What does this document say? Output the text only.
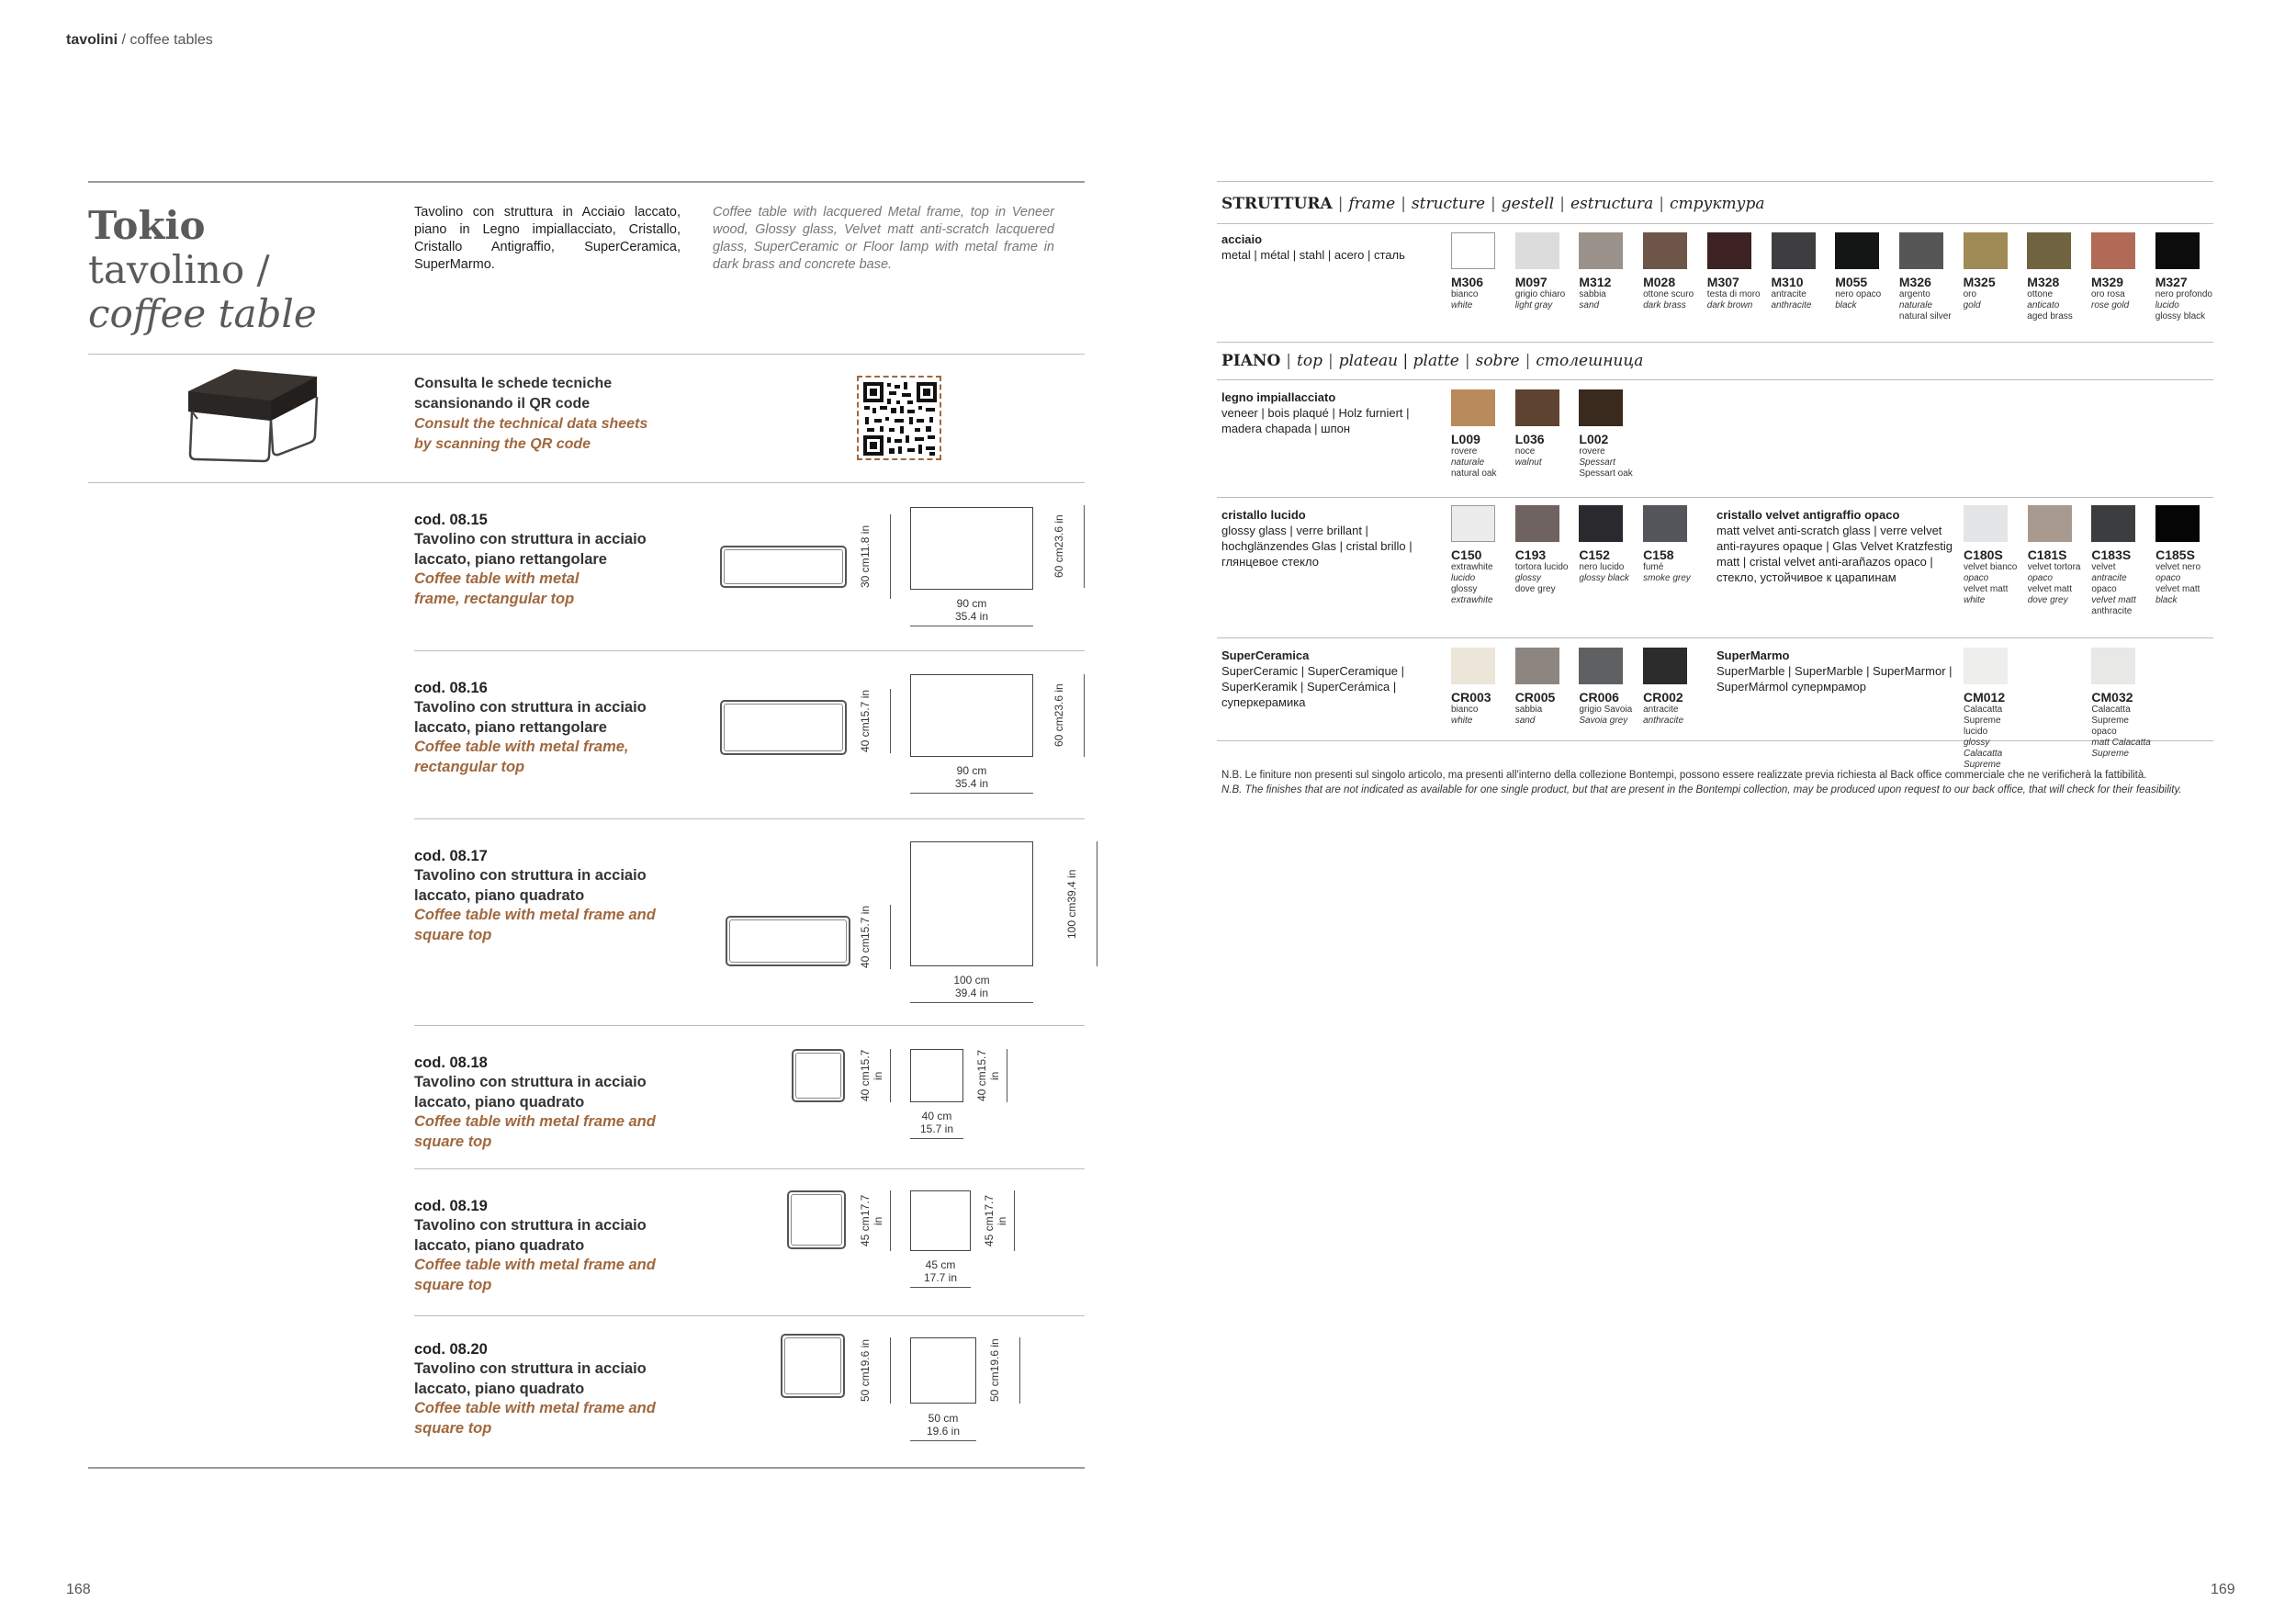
tavolini / coffee tables
Tokio
tavolino /
coffee table
Tavolino con struttura in Acciaio laccato, piano in Legno impiallacciato, Cristallo, Cristallo Antigraffio, SuperCeramica, SuperMarmo.
Coffee table with lacquered Metal frame, top in Veneer wood, Glossy glass, Velvet matt anti-scratch lacquered glass, SuperCeramic or Floor lamp with metal frame in dark brass and concrete base.
Consulta le schede tecniche
scansionando il QR code
Consult the technical data sheets
by scanning the QR code
cod. 08.15
Tavolino con struttura in acciaio
laccato, piano rettangolare
Coffee table with metal
frame, rectangular top
30 cm11.8 in
60 cm23.6 in
90 cm
35.4 in
cod. 08.16
Tavolino con struttura in acciaio
laccato, piano rettangolare
Coffee table with metal frame,
rectangular top
40 cm15.7 in
60 cm23.6 in
90 cm
35.4 in
cod. 08.17
Tavolino con struttura in acciaio
laccato, piano quadrato
Coffee table with metal frame and
square top
40 cm15.7 in	100 cm39.4 in
100 cm
39.4 in
cod. 08.18
Tavolino con struttura in acciaio
laccato, piano quadrato
Coffee table with metal frame and
square top
40 cm15.7 in	40 cm15.7 in
40 cm
15.7 in
cod. 08.19
Tavolino con struttura in acciaio
laccato, piano quadrato
Coffee table with metal frame and
square top
45 cm17.7 in	45 cm17.7 in
45 cm
17.7 in
cod. 08.20
Tavolino con struttura in acciaio
laccato, piano quadrato
Coffee table with metal frame and
square top
50 cm19.6 in
50 cm19.6 in
50 cm
19.6 in
168
STRUTTURA | frame | structure | gestell | estructura | структура
acciaio
metal | métal | stahl | acero | сталь
M306
bianco
white
M097
grigio chiaro
light gray
M312
sabbia
sand
M028
ottone scuro
dark brass
M307
testa di moro
dark brown
M310
antracite
anthracite
M055
nero opaco
black
M326
argento
naturale
natural silver
M325
oro
gold
M328
ottone
anticato
aged brass
M329
oro rosa
rose gold
M327
nero profondo
lucido
glossy black
PIANO | top | plateau | platte | sobre | столешница
legno impiallacciato
veneer | bois plaqué | Holz furniert |
madera chapada | шпон
cristallo lucido
glossy glass | verre brillant |
hochglänzendes Glas | cristal brillo |
глянцевое стекло
cristallo velvet antigraffio opaco
matt velvet anti-scratch glass | verre velvet
anti-rayures opaque | Glas Velvet Kratzfestig
matt | cristal velvet anti-arañazos opaco |
стекло, устойчивое к царапинам
SuperCeramica
SuperCeramic | SuperCeramique |
SuperKeramik | SuperCerámica |
суперкерамика
SuperMarmo
SuperMarble | SuperMarble | SuperMarmor |
SuperMármol супермрамор
L009
rovere
naturale
natural oak
L036
noce
walnut
L002
rovere
Spessart
Spessart oak
C150
extrawhite
lucido
glossy
extrawhite
C193
tortora lucido
glossy
dove grey
C152
nero lucido
glossy black
C158
fumé
smoke grey
C180S
velvet bianco
opaco
velvet matt
white
C181S
velvet tortora
opaco
velvet matt
dove grey
C183S
velvet
antracite
opaco
velvet matt
anthracite
C185S
velvet nero
opaco
velvet matt
black
CR003
bianco
white
CR005
sabbia
sand
CR006
grigio Savoia
Savoia grey
CR002
antracite
anthracite
CM012
Calacatta Supreme lucido
glossy Calacatta Supreme
CM032
Calacatta Supreme opaco
matt Calacatta Supreme
N.B. Le finiture non presenti sul singolo articolo, ma presenti all'interno della collezione Bontempi, possono essere realizzate previa richiesta al Back office commerciale che ne verificherà la fattibilità.
N.B. The finishes that are not indicated as available for one single product, but that are present in the Bontempi collection, may be produced upon request to our back office, that will check for their feasibility.
169
